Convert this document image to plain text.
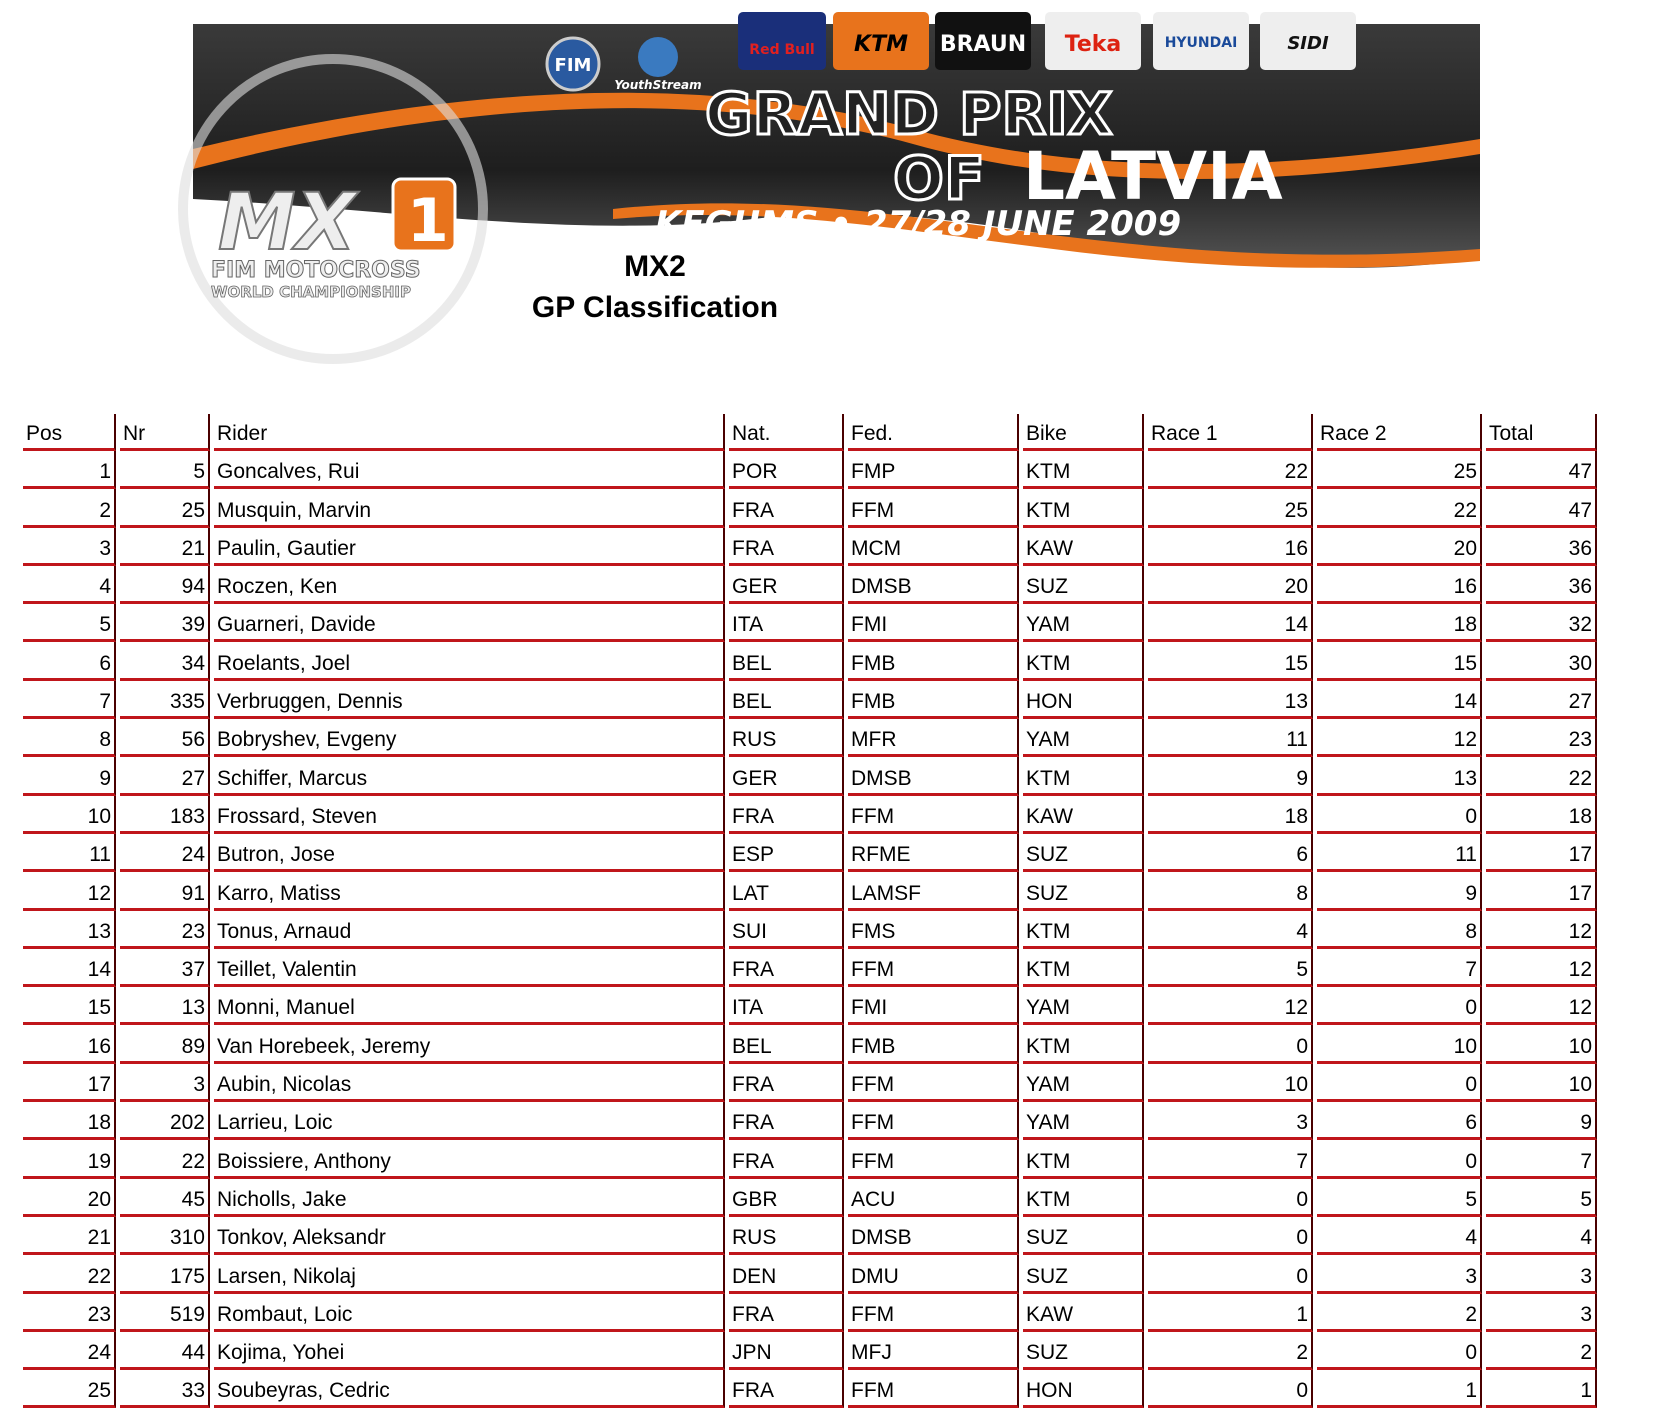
MX 1
FIM MOTOCROSS
WORLD CHAMPIONSHIP
FIM
YouthStream
Red Bull KTM BRAUN Teka	HYUNDAI	SIDI
GRAND PRIX
OF LATVIA
KEGUMS • 27/28 JUNE 2009
MX2
GP Classification
Pos	Nr	Rider	Nat.	Fed.	Bike	Race 1	Race 2	Total
1	5	Goncalves, Rui	POR	FMP	KTM	22	25	47
2	25	Musquin, Marvin	FRA	FFM	KTM	25	22	47
3	21	Paulin, Gautier	FRA	MCM	KAW	16	20	36
4	94	Roczen, Ken	GER	DMSB	SUZ	20	16	36
5	39	Guarneri, Davide	ITA	FMI	YAM	14	18	32
6	34	Roelants, Joel	BEL	FMB	KTM	15	15	30
7	335	Verbruggen, Dennis	BEL	FMB	HON	13	14	27
8	56	Bobryshev, Evgeny	RUS	MFR	YAM	11	12	23
9	27	Schiffer, Marcus	GER	DMSB	KTM	9	13	22
10	183	Frossard, Steven	FRA	FFM	KAW	18	0	18
11	24	Butron, Jose	ESP	RFME	SUZ	6	11	17
12	91	Karro, Matiss	LAT	LAMSF	SUZ	8	9	17
13	23	Tonus, Arnaud	SUI	FMS	KTM	4	8	12
14	37	Teillet, Valentin	FRA	FFM	KTM	5	7	12
15	13	Monni, Manuel	ITA	FMI	YAM	12	0	12
16	89	Van Horebeek, Jeremy	BEL	FMB	KTM	0	10	10
17	3	Aubin, Nicolas	FRA	FFM	YAM	10	0	10
18	202	Larrieu, Loic	FRA	FFM	YAM	3	6	9
19	22	Boissiere, Anthony	FRA	FFM	KTM	7	0	7
20	45	Nicholls, Jake	GBR	ACU	KTM	0	5	5
21	310	Tonkov, Aleksandr	RUS	DMSB	SUZ	0	4	4
22	175	Larsen, Nikolaj	DEN	DMU	SUZ	0	3	3
23	519	Rombaut, Loic	FRA	FFM	KAW	1	2	3
24	44	Kojima, Yohei	JPN	MFJ	SUZ	2	0	2
25	33	Soubeyras, Cedric	FRA	FFM	HON	0	1	1
